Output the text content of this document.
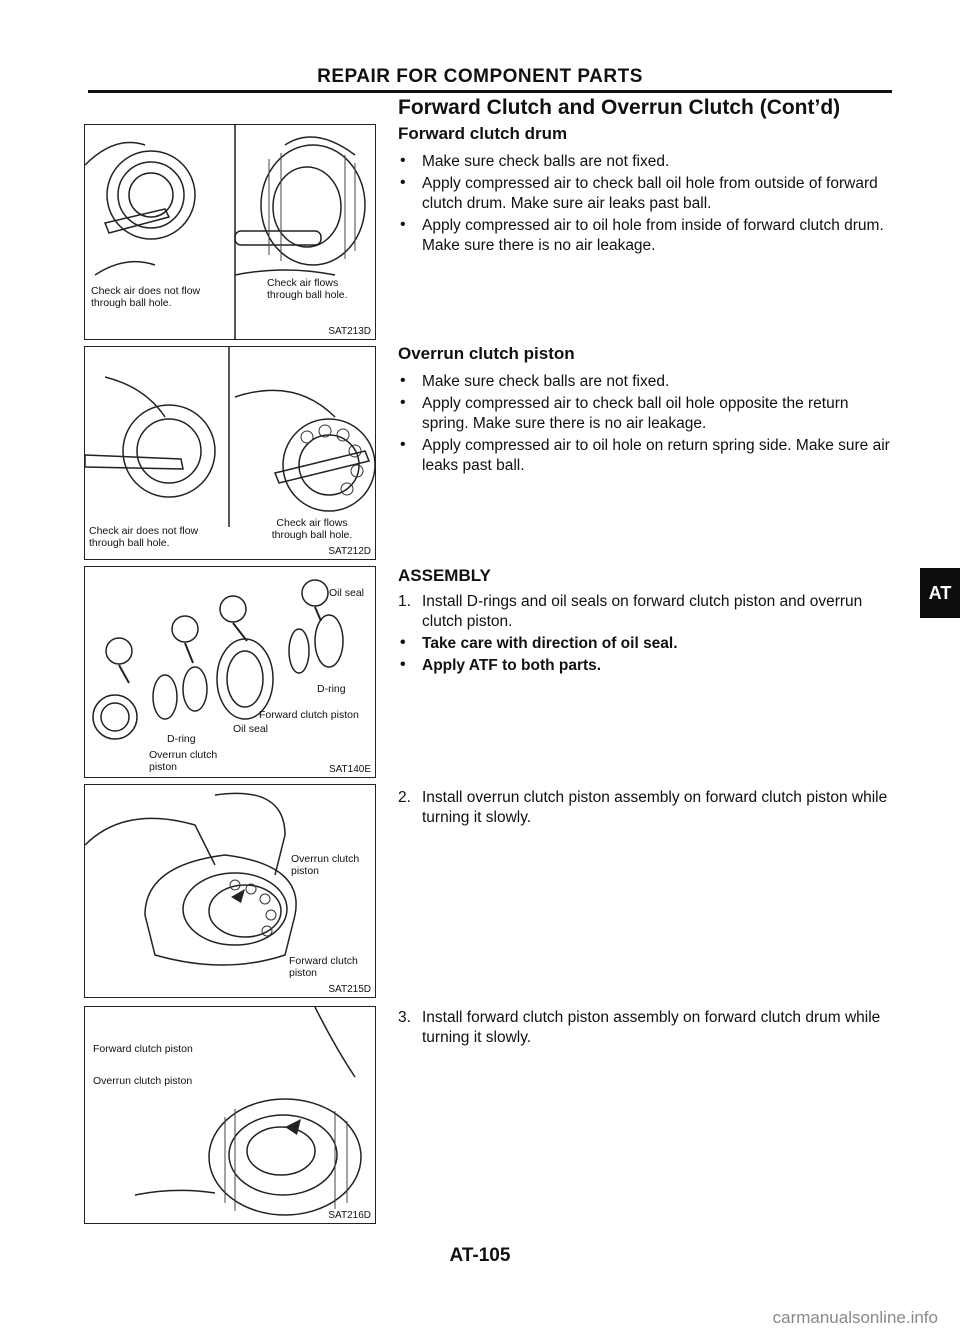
REPAIR FOR COMPONENT PARTS
Forward Clutch and Overrun Clutch (Cont’d)
Forward clutch drum
• Make sure check balls are not fixed.
• Apply compressed air to check ball oil hole from outside of forward clutch drum. Make sure air leaks past ball.
• Apply compressed air to oil hole from inside of forward clutch drum. Make sure there is no air leakage.
Overrun clutch piston
• Make sure check balls are not fixed.
• Apply compressed air to check ball oil hole opposite the return spring. Make sure there is no air leakage.
• Apply compressed air to oil hole on return spring side. Make sure air leaks past ball.
ASSEMBLY
1. Install D-rings and oil seals on forward clutch piston and overrun clutch piston.
• Take care with direction of oil seal.
• Apply ATF to both parts.
2. Install overrun clutch piston assembly on forward clutch piston while turning it slowly.
3. Install forward clutch piston assembly on forward clutch drum while turning it slowly.
Check air does not flow through ball hole.
Check air flows through ball hole.
SAT213D
Check air does not flow through ball hole.
Check air flows through ball hole.
SAT212D
Oil seal
D-ring
Forward clutch piston
Oil seal
D-ring
Overrun clutch piston	SAT140E
Overrun clutch piston
Forward clutch piston
SAT215D
Forward clutch piston
Overrun clutch piston
SAT216D
AT
AT-105
carmanualsonline.info
